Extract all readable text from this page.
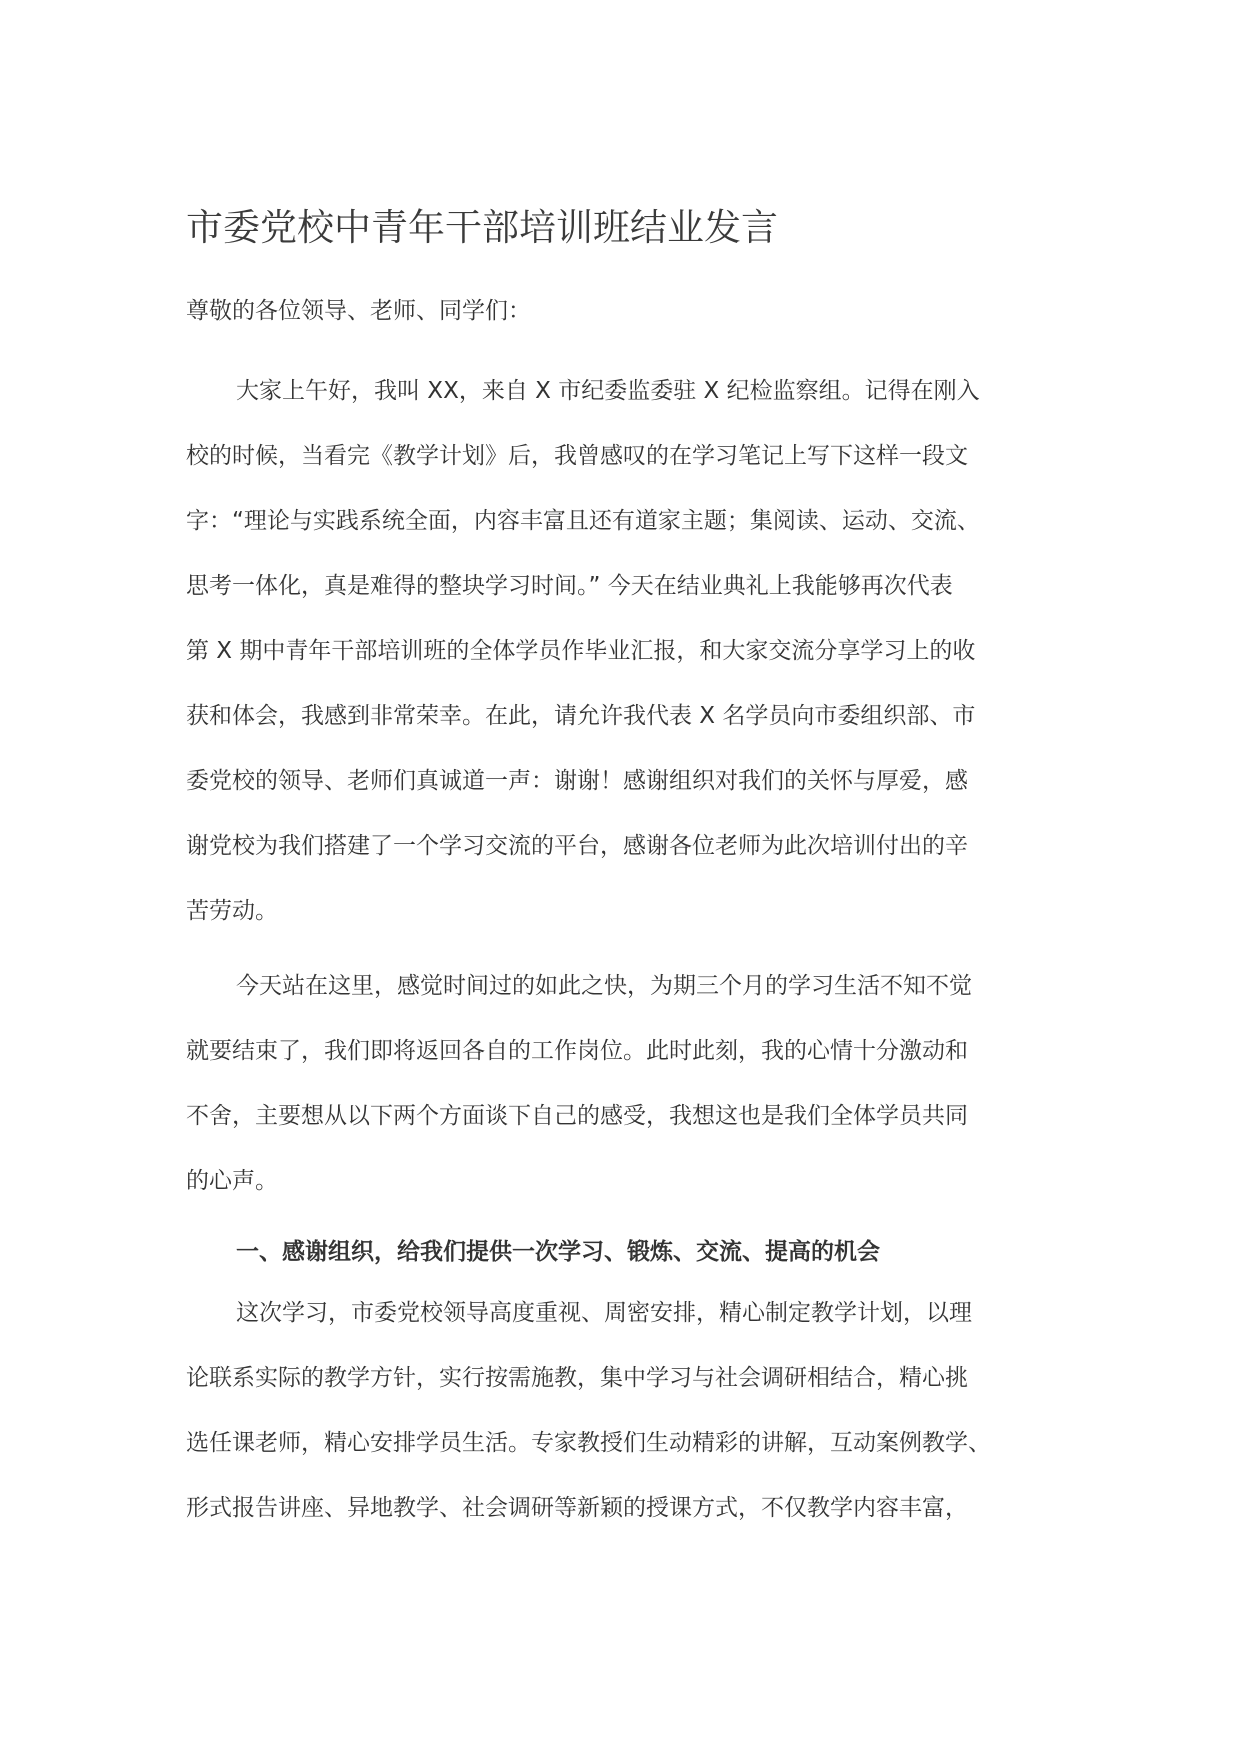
市委党校中青年干部培训班结业发言

尊敬的各位领导、老师、同学们：

大家上午好，我叫 XX，来自 X 市纪委监委驻 X 纪检监察组。记得在刚入
校的时候，当看完《教学计划》后，我曾感叹的在学习笔记上写下这样一段文
字：“理论与实践系统全面，内容丰富且还有道家主题；集阅读、运动、交流、
思考一体化，真是难得的整块学习时间。” 今天在结业典礼上我能够再次代表
第 X 期中青年干部培训班的全体学员作毕业汇报，和大家交流分享学习上的收
获和体会，我感到非常荣幸。在此，请允许我代表 X 名学员向市委组织部、市
委党校的领导、老师们真诚道一声：谢谢！感谢组织对我们的关怀与厚爱，感
谢党校为我们搭建了一个学习交流的平台，感谢各位老师为此次培训付出的辛
苦劳动。
今天站在这里，感觉时间过的如此之快，为期三个月的学习生活不知不觉
就要结束了，我们即将返回各自的工作岗位。此时此刻，我的心情十分激动和
不舍，主要想从以下两个方面谈下自己的感受，我想这也是我们全体学员共同
的心声。
一、感谢组织，给我们提供一次学习、锻炼、交流、提高的机会
这次学习，市委党校领导高度重视、周密安排，精心制定教学计划，以理
论联系实际的教学方针，实行按需施教，集中学习与社会调研相结合，精心挑
选任课老师，精心安排学员生活。专家教授们生动精彩的讲解，互动案例教学、
形式报告讲座、异地教学、社会调研等新颖的授课方式，不仅教学内容丰富，
